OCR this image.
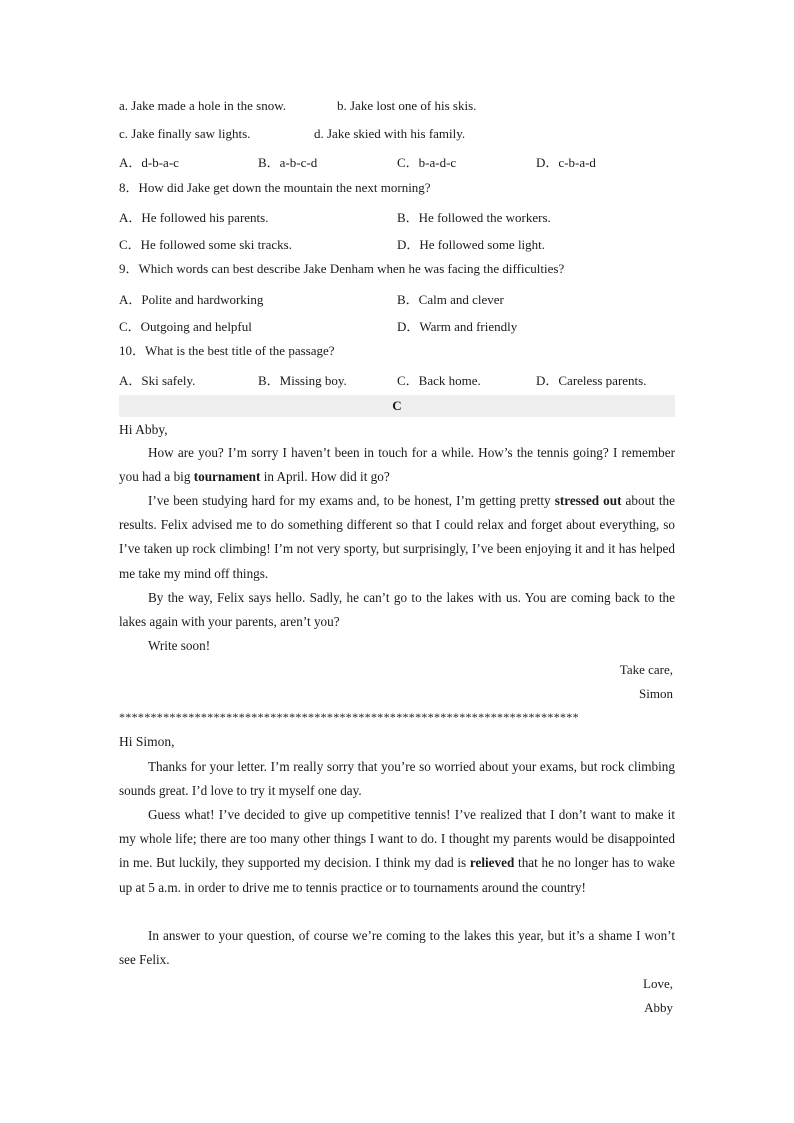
a. Jake made a hole in the snow.	b. Jake lost one of his skis.
c. Jake finally saw lights.	d. Jake skied with his family.
A．d-b-a-c	B．a-b-c-d	C．b-a-d-c	D．c-b-a-d
8．How did Jake get down the mountain the next morning?
A．He followed his parents.	B．He followed the workers.
C．He followed some ski tracks.	D．He followed some light.
9．Which words can best describe Jake Denham when he was facing the difficulties?
A．Polite and hardworking	B．Calm and clever
C．Outgoing and helpful	D．Warm and friendly
10．What is the best title of the passage?
A．Ski safely.	B．Missing boy.	C．Back home.	D．Careless parents.
C
Hi Abby,
How are you? I’m sorry I haven’t been in touch for a while. How’s the tennis going? I remember you had a big tournament in April. How did it go?
I’ve been studying hard for my exams and, to be honest, I’m getting pretty stressed out about the results. Felix advised me to do something different so that I could relax and forget about everything, so I’ve taken up rock climbing! I’m not very sporty, but surprisingly, I’ve been enjoying it and it has helped me take my mind off things.
By the way, Felix says hello. Sadly, he can’t go to the lakes with us. You are coming back to the lakes again with your parents, aren’t you?
Write soon!
Take care,
Simon
*************************************************************************
Hi Simon,
Thanks for your letter. I’m really sorry that you’re so worried about your exams, but rock climbing sounds great. I’d love to try it myself one day.
Guess what! I’ve decided to give up competitive tennis! I’ve realized that I don’t want to make it my whole life; there are too many other things I want to do. I thought my parents would be disappointed in me. But luckily, they supported my decision. I think my dad is relieved that he no longer has to wake up at 5 a.m. in order to drive me to tennis practice or to tournaments around the country!
In answer to your question, of course we’re coming to the lakes this year, but it’s a shame I won’t see Felix.
Love,
Abby
